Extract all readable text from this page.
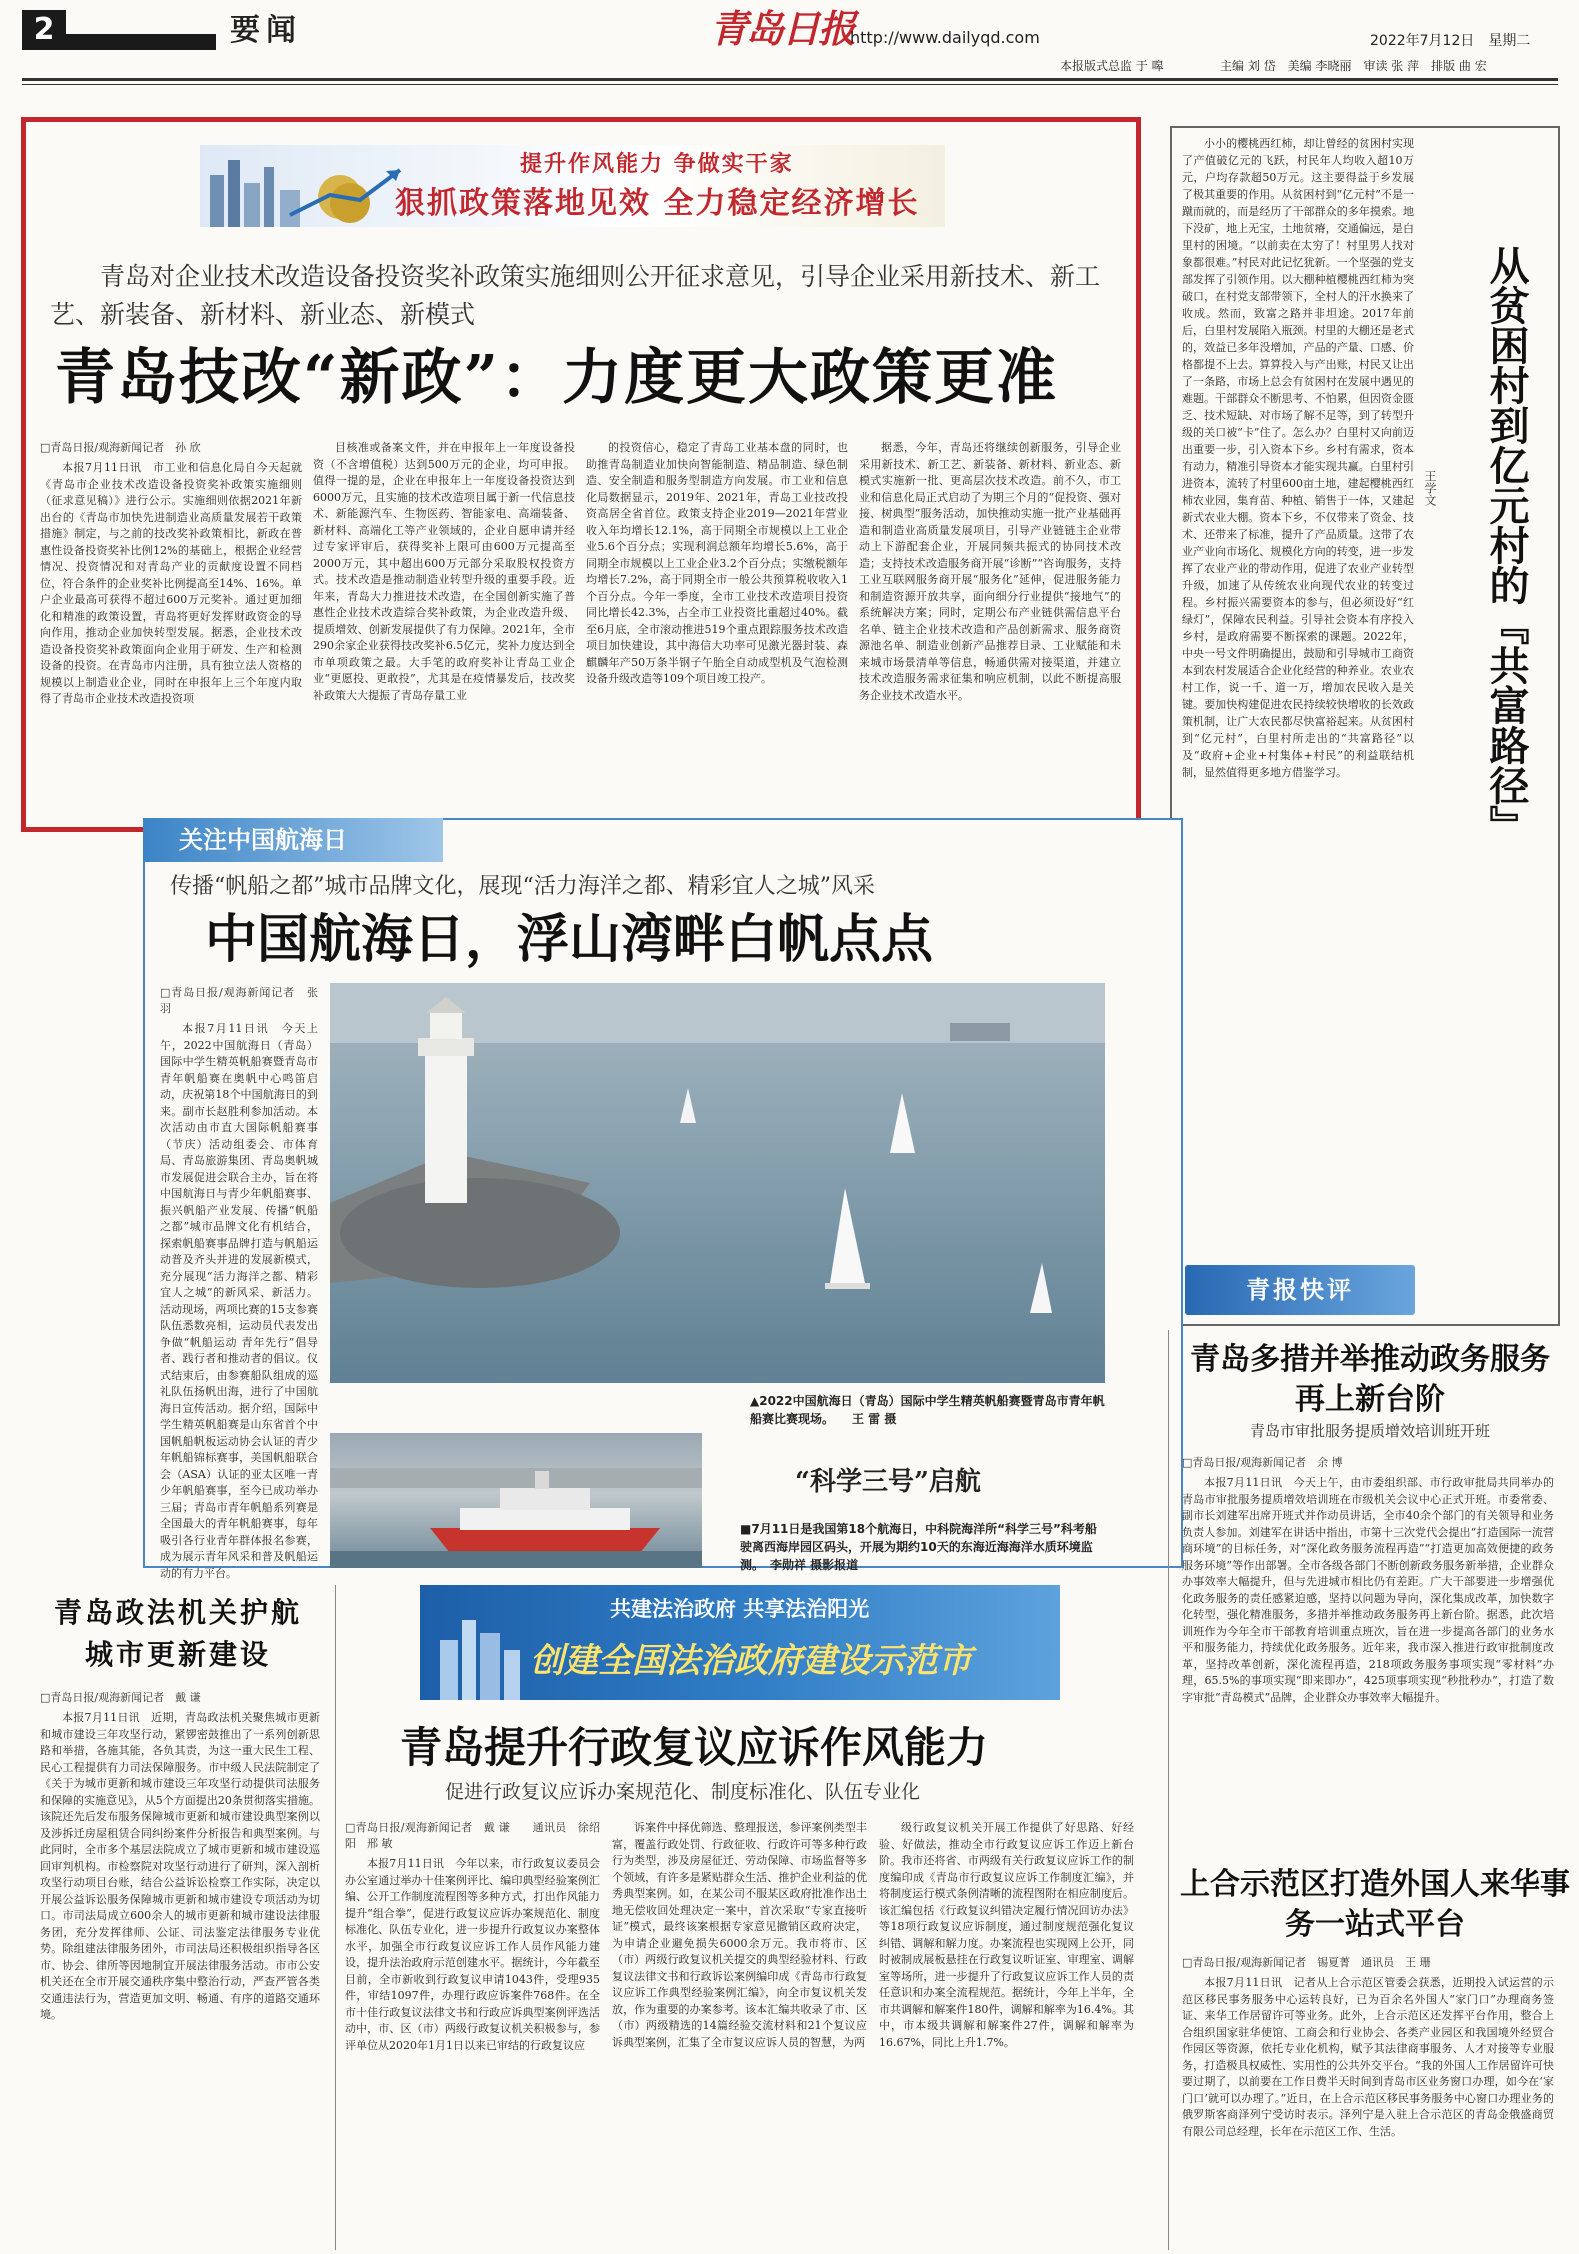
2	要闻	青岛日报
http://www.dailyqd.com	2022年7月12日　星期二
本报版式总监 于 嗥	主编 刘 岱　美编 李晓丽　审读 张 萍　排版 曲 宏
提升作风能力 争做实干家
狠抓政策落地见效 全力稳定经济增长
青岛对企业技术改造设备投资奖补政策实施细则公开征求意见，引导企业采用新技术、新工艺、新装备、新材料、新业态、新模式
青岛技改“新政”：力度更大政策更准
□青岛日报/观海新闻记者　孙 欣

本报7月11日讯　市工业和信息化局自今天起就《青岛市企业技术改造设备投资奖补政策实施细则（征求意见稿）》进行公示。实施细则依据2021年新出台的《青岛市加快先进制造业高质量发展若干政策措施》制定，与之前的技改奖补政策相比，新政在普惠性设备投资奖补比例12%的基础上，根据企业经营情况、投资情况和对青岛产业的贡献度设置不同档位，符合条件的企业奖补比例提高至14%、16%。单户企业最高可获得不超过600万元奖补。通过更加细化和精准的政策设置，青岛将更好发挥财政资金的导向作用，推动企业加快转型发展。据悉，企业技术改造设备投资奖补政策面向企业用于研发、生产和检测设备的投资。在青岛市内注册，具有独立法人资格的规模以上制造业企业，同时在申报年上三个年度内取得了青岛市企业技术改造投资项

目核准或备案文件，并在申报年上一年度设备投资（不含增值税）达到500万元的企业，均可申报。值得一提的是，企业在申报年上一年度设备投资达到6000万元，且实施的技术改造项目属于新一代信息技术、新能源汽车、生物医药、智能家电、高端装备、新材料、高端化工等产业领域的，企业自愿申请并经过专家评审后，获得奖补上限可由600万元提高至2000万元，其中超出600万元部分采取股权投资方式。技术改造是推动制造业转型升级的重要手段。近年来，青岛大力推进技术改造，在全国创新实施了普惠性企业技术改造综合奖补政策，为企业改造升级、提质增效、创新发展提供了有力保障。2021年，全市290余家企业获得技改奖补6.5亿元，奖补力度达到全市单项政策之最。大手笔的政府奖补让青岛工业企业“更愿投、更敢投”，尤其是在疫情暴发后，技改奖补政策大大提振了青岛存量工业

的投资信心，稳定了青岛工业基本盘的同时，也助推青岛制造业加快向智能制造、精品制造、绿色制造、安全制造和服务型制造方向发展。市工业和信息化局数据显示，2019年、2021年，青岛工业技改投资高居全省首位。政策支持企业2019—2021年营业收入年均增长12.1%，高于同期全市规模以上工业企业5.6个百分点；实现利润总额年均增长5.6%，高于同期全市规模以上工业企业3.2个百分点；实缴税额年均增长7.2%，高于同期全市一般公共预算税收收入1个百分点。今年一季度，全市工业技术改造项目投资同比增长42.3%，占全市工业投资比重超过40%。截至6月底，全市滚动推进519个重点跟踪服务技术改造项目加快建设，其中海信大功率可见激光器封装、森麒麟年产50万条半钢子午胎全自动成型机及气泡检测设备升级改造等109个项目竣工投产。

据悉，今年，青岛还将继续创新服务，引导企业采用新技术、新工艺、新装备、新材料、新业态、新模式实施新一批、更高层次技术改造。前不久，市工业和信息化局正式启动了为期三个月的“促投资、强对接、树典型”服务活动，加快推动实施一批产业基础再造和制造业高质量发展项目，引导产业链链主企业带动上下游配套企业，开展同频共振式的协同技术改造；支持技术改造服务商开展“诊断”“咨询服务，支持工业互联网服务商开展“服务化”延伸，促进服务能力和制造资源开放共享，面向细分行业提供“接地气”的系统解决方案；同时，定期公布产业链供需信息平台名单、链主企业技术改造和产品创新需求、服务商资源池名单、制造业创新产品推荐目录、工业赋能和未来城市场景清单等信息，畅通供需对接渠道，并建立技术改造服务需求征集和响应机制，以此不断提高服务企业技术改造水平。

小小的樱桃西红柿，却让曾经的贫困村实现了产值破亿元的飞跃，村民年人均收入超10万元，户均存款超50万元。这主要得益于乡发展了极其重要的作用。从贫困村到“亿元村”不是一蹴而就的，而是经历了干部群众的多年摸索。地下没矿，地上无宝，土地贫瘠，交通偏远，是白里村的困境。“以前卖在太穷了！村里男人找对象都很难。”村民对此记忆犹新。一个坚强的党支部发挥了引领作用。以大棚种植樱桃西红柿为突破口，在村党支部带领下，全村人的汗水换来了收成。然而，致富之路并非坦途。2017年前后，白里村发展陷入瓶颈。村里的大棚还是老式的，效益已多年没增加，产品的产量、口感、价格都提不上去。算算投入与产出账，村民又让出了一条路，市场上总会有贫困村在发展中遇见的难题。干部群众不断思考、不怕累，但因资金匮乏、技术短缺、对市场了解不足等，到了转型升级的关口被“卡”住了。怎么办？白里村又向前迈出重要一步，引入资本下乡。乡村有需求，资本有动力，精准引导资本才能实现共赢。白里村引进资本，流转了村里600亩土地，建起樱桃西红柿农业园，集育苗、种植、销售于一体，又建起新式农业大棚。资本下乡，不仅带来了资金、技术、还带来了标准，提升了产品质量。这带了农业产业向市场化、规模化方向的转变，进一步发挥了农业产业的带动作用，促进了农业产业转型升级，加速了从传统农业向现代农业的转变过程。乡村振兴需要资本的参与，但必须设好“红绿灯”，保障农民利益。引导社会资本有序投入乡村，是政府需要不断探索的课题。2022年，中央一号文件明确提出，鼓励和引导城市工商资本到农村发展适合企业化经营的种养业。农业农村工作，说一千、道一万，增加农民收入是关键。要加快构建促进农民持续较快增收的长效政策机制，让广大农民都尽快富裕起来。从贫困村到“亿元村”，白里村所走出的“共富路径”以及“政府+企业+村集体+村民”的利益联结机制，显然值得更多地方借鉴学习。	从贫困村到亿元村的『共富路径』
王学文
青报快评
关注中国航海日
传播“帆船之都”城市品牌文化，展现“活力海洋之都、精彩宜人之城”风采
中国航海日，浮山湾畔白帆点点
□青岛日报/观海新闻记者　张 羽

本报7月11日讯　今天上午，2022中国航海日（青岛）国际中学生精英帆船赛暨青岛市青年帆船赛在奥帆中心鸣笛启动，庆祝第18个中国航海日的到来。副市长赵胜利参加活动。本次活动由市直大国际帆船赛事（节庆）活动组委会、市体育局、青岛旅游集团、青岛奥帆城市发展促进会联合主办，旨在将中国航海日与青少年帆船赛事、振兴帆船产业发展、传播“帆船之都”城市品牌文化有机结合，探索帆船赛事品牌打造与帆船运动普及齐头并进的发展新模式，充分展现“活力海洋之都、精彩宜人之城”的新风采、新活力。活动现场，两项比赛的15支参赛队伍悉数亮相，运动员代表发出争做“帆船运动 青年先行”倡导者、践行者和推动者的倡议。仪式结束后，由参赛船队组成的巡礼队伍扬帆出海，进行了中国航海日宣传活动。据介绍，国际中学生精英帆船赛是山东省首个中国帆船帆板运动协会认证的青少年帆船锦标赛事，美国帆船联合会（ASA）认证的亚太区唯一青少年帆船赛事，至今已成功举办三届；青岛市青年帆船系列赛是全国最大的青年帆船赛事，每年吸引各行业青年群体报名参赛，成为展示青年风采和普及帆船运动的有力平台。

▲2022中国航海日（青岛）国际中学生精英帆船赛暨青岛市青年帆船赛比赛现场。　　王 雷 摄
“科学三号”启航
■7月11日是我国第18个航海日，中科院海洋所“科学三号”科考船驶离西海岸园区码头，开展为期约10天的东海近海海洋水质环境监测。　李勋祥 摄影报道
青岛政法机关护航城市更新建设
□青岛日报/观海新闻记者　戴 谦

本报7月11日讯　近期，青岛政法机关聚焦城市更新和城市建设三年攻坚行动，紧锣密鼓推出了一系列创新思路和举措，各施其能，各负其责，为这一重大民生工程、民心工程提供有力司法保障服务。市中级人民法院制定了《关于为城市更新和城市建设三年攻坚行动提供司法服务和保障的实施意见》，从5个方面提出20条贯彻落实措施。该院还先后发布服务保障城市更新和城市建设典型案例以及涉拆迁房屋租赁合同纠纷案件分析报告和典型案例。与此同时，全市多个基层法院成立了城市更新和城市建设巡回审判机构。市检察院对攻坚行动进行了研判，深入剖析攻坚行动项目台账，结合公益诉讼检察工作实际，决定以开展公益诉讼服务保障城市更新和城市建设专项活动为切口。市司法局成立600余人的城市更新和城市建设法律服务团，充分发挥律师、公证、司法鉴定法律服务专业优势。除组建法律服务团外，市司法局还积极组织指导各区市、协会、律所等因地制宜开展法律服务活动。市市公安机关还在全市开展交通秩序集中整治行动，严查严管各类交通违法行为，营造更加文明、畅通、有序的道路交通环境。

共建法治政府 共享法治阳光
创建全国法治政府建设示范市
青岛提升行政复议应诉作风能力
促进行政复议应诉办案规范化、制度标准化、队伍专业化
□青岛日报/观海新闻记者　戴 谦　　通讯员　徐绍阳　邢 敏

本报7月11日讯　今年以来，市行政复议委员会办公室通过举办十佳案例评比、编印典型经验案例汇编、公开工作制度流程图等多种方式，打出作风能力提升“组合拳”，促进行政复议应诉办案规范化、制度标准化、队伍专业化，进一步提升行政复议办案整体水平，加强全市行政复议应诉工作人员作风能力建设，提升法治政府示范创建水平。据统计，今年截至目前，全市新收到行政复议申请1043件，受理935件，审结1097件，办理行政应诉案件768件。在全市十佳行政复议法律文书和行政应诉典型案例评选活动中，市、区（市）两级行政复议机关积极参与，参评单位从2020年1月1日以来已审结的行政复议应

诉案件中择优筛选、整理报送，参评案例类型丰富，覆盖行政处罚、行政征收、行政许可等多种行政行为类型，涉及房屋征迁、劳动保障、市场监督等多个领域，有许多是紧贴群众生活、推护企业利益的优秀典型案例。如，在某公司不服某区政府批准作出土地无偿收回处理决定一案中，首次采取“专家直接听证”模式，最终该案根据专家意见撤销区政府决定，为申请企业避免损失6000余万元。我市将市、区（市）两级行政复议机关提交的典型经验材料、行政复议法律文书和行政诉讼案例编印成《青岛市行政复议应诉工作典型经验案例汇编》，向全市复议机关发放，作为重要的办案参考。该本汇编共收录了市、区（市）两级精选的14篇经验交流材料和21个复议应诉典型案例，汇集了全市复议应诉人员的智慧，为两

级行政复议机关开展工作提供了好思路、好经验、好做法，推动全市行政复议应诉工作迈上新台阶。我市还将省、市两级有关行政复议应诉工作的制度编印成《青岛市行政复议应诉工作制度汇编》，并将制度运行模式条例清晰的流程图附在相应制度后。该汇编包括《行政复议纠错决定履行情况回访办法》等18项行政复议应诉制度，通过制度规范强化复议纠错、调解和解力度。办案流程也实现网上公开，同时被制成展板悬挂在行政复议听证室、审理室、调解室等场所，进一步提升了行政复议应诉工作人员的责任意识和办案全流程规范。据统计，今年上半年，全市共调解和解案件180件，调解和解率为16.4%。其中，市本级共调解和解案件27件，调解和解率为16.67%，同比上升1.7%。

青岛多措并举推动政务服务再上新台阶
青岛市审批服务提质增效培训班开班
□青岛日报/观海新闻记者　余 博

本报7月11日讯　今天上午，由市委组织部、市行政审批局共同举办的青岛市审批服务提质增效培训班在市级机关会议中心正式开班。市委常委、副市长刘建军出席开班式并作动员讲话，全市40余个部门的有关领导和业务负责人参加。刘建军在讲话中指出，市第十三次党代会提出“打造国际一流营商环境”的目标任务，对“深化政务服务流程再造”“打造更加高效便捷的政务服务环境”等作出部署。全市各级各部门不断创新政务服务新举措，企业群众办事效率大幅提升，但与先进城市相比仍有差距。广大干部要进一步增强优化政务服务的责任感紧迫感，坚持以问题为导向，深化集成改革，加快数字化转型，强化精准服务，多措并举推动政务服务再上新台阶。据悉，此次培训班作为今年全市干部教育培训重点班次，旨在进一步提高各部门的业务水平和服务能力，持续优化政务服务。近年来，我市深入推进行政审批制度改革，坚持改革创新，深化流程再造，218项政务服务事项实现“零材料”办理，65.5%的事项实现“即来即办”，425项事项实现“秒批秒办”，打造了数字审批“青岛模式”品牌，企业群众办事效率大幅提升。

上合示范区打造外国人来华事务一站式平台
□青岛日报/观海新闻记者　锡夏菁　通讯员　王 珊

本报7月11日讯　记者从上合示范区管委会获悉，近期投入试运营的示范区移民事务服务中心运转良好，已为百余名外国人“家门口”办理商务签证、来华工作居留许可等业务。此外，上合示范区还发挥平台作用，整合上合组织国家驻华使馆、工商会和行业协会、各类产业园区和我国境外经贸合作园区等资源，依托专业化机构，赋予其法律商事服务、人才对接等专业服务，打造极具权威性、实用性的公共外交平台。“我的外国人工作居留许可快要过期了，以前要在工作日费半天时间到青岛市区业务窗口办理，如今在‘家门口’就可以办理了。”近日，在上合示范区移民事务服务中心窗口办理业务的俄罗斯客商泽列宁受访时表示。泽列宁是入驻上合示范区的青岛金俄盛商贸有限公司总经理，长年在示范区工作、生活。
